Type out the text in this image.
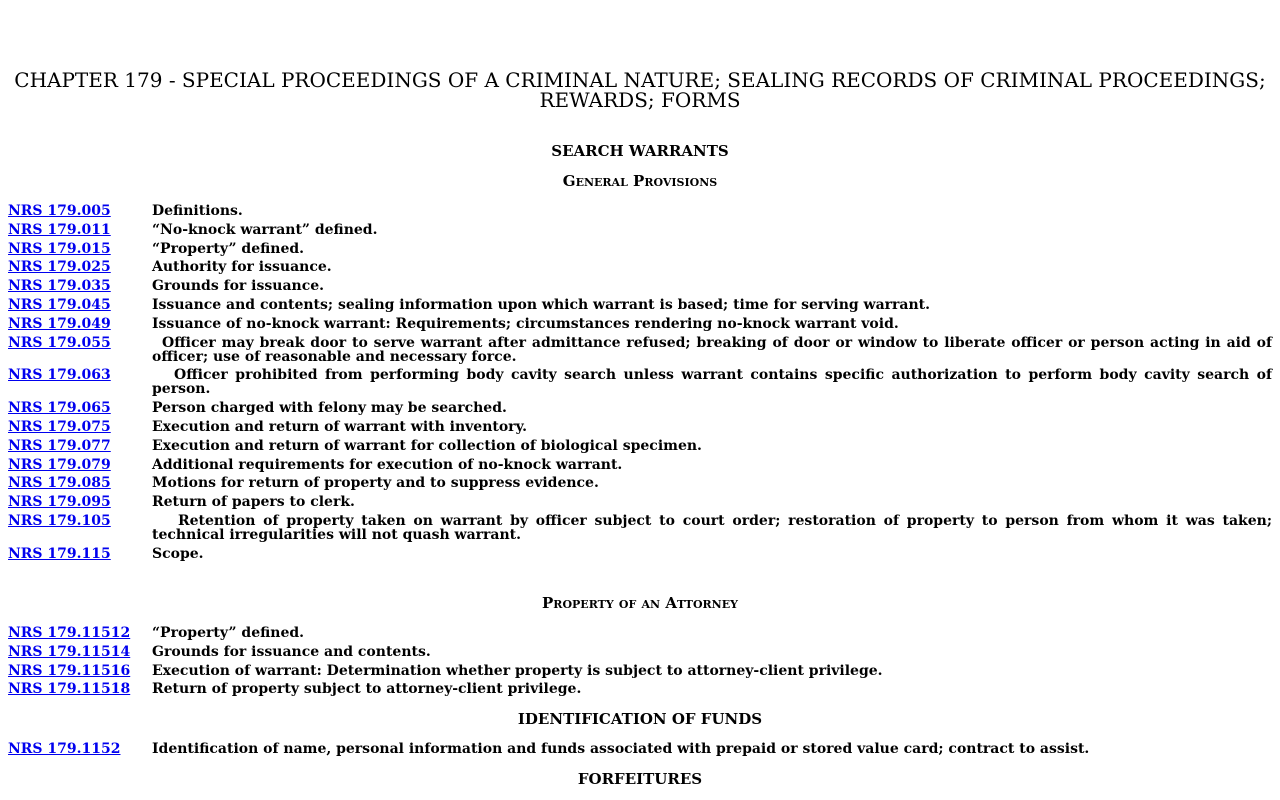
CHAPTER 179 - SPECIAL PROCEEDINGS OF A CRIMINAL NATURE; SEALING RECORDS OF CRIMINAL PROCEEDINGS; REWARDS; FORMS
SEARCH WARRANTS
General Provisions
NRS 179.005	Definitions.
NRS 179.011	“No-knock warrant” defined.
NRS 179.015	“Property” defined.
NRS 179.025	Authority for issuance.
NRS 179.035	Grounds for issuance.
NRS 179.045	Issuance and contents; sealing information upon which warrant is based; time for serving warrant.
NRS 179.049	Issuance of no-knock warrant: Requirements; circumstances rendering no-knock warrant void.
NRS 179.055	Officer may break door to serve warrant after admittance refused; breaking of door or window to liberate officer or person acting in aid of officer; use of reasonable and necessary force.
NRS 179.063	Officer prohibited from performing body cavity search unless warrant contains specific authorization to perform body cavity search of person.
NRS 179.065	Person charged with felony may be searched.
NRS 179.075	Execution and return of warrant with inventory.
NRS 179.077	Execution and return of warrant for collection of biological specimen.
NRS 179.079	Additional requirements for execution of no-knock warrant.
NRS 179.085	Motions for return of property and to suppress evidence.
NRS 179.095	Return of papers to clerk.
NRS 179.105	Retention of property taken on warrant by officer subject to court order; restoration of property to person from whom it was taken; technical irregularities will not quash warrant.
NRS 179.115	Scope.
Property of an Attorney
NRS 179.11512	“Property” defined.
NRS 179.11514	Grounds for issuance and contents.
NRS 179.11516	Execution of warrant: Determination whether property is subject to attorney-client privilege.
NRS 179.11518	Return of property subject to attorney-client privilege.
IDENTIFICATION OF FUNDS
NRS 179.1152	Identification of name, personal information and funds associated with prepaid or stored value card; contract to assist.
FORFEITURES
